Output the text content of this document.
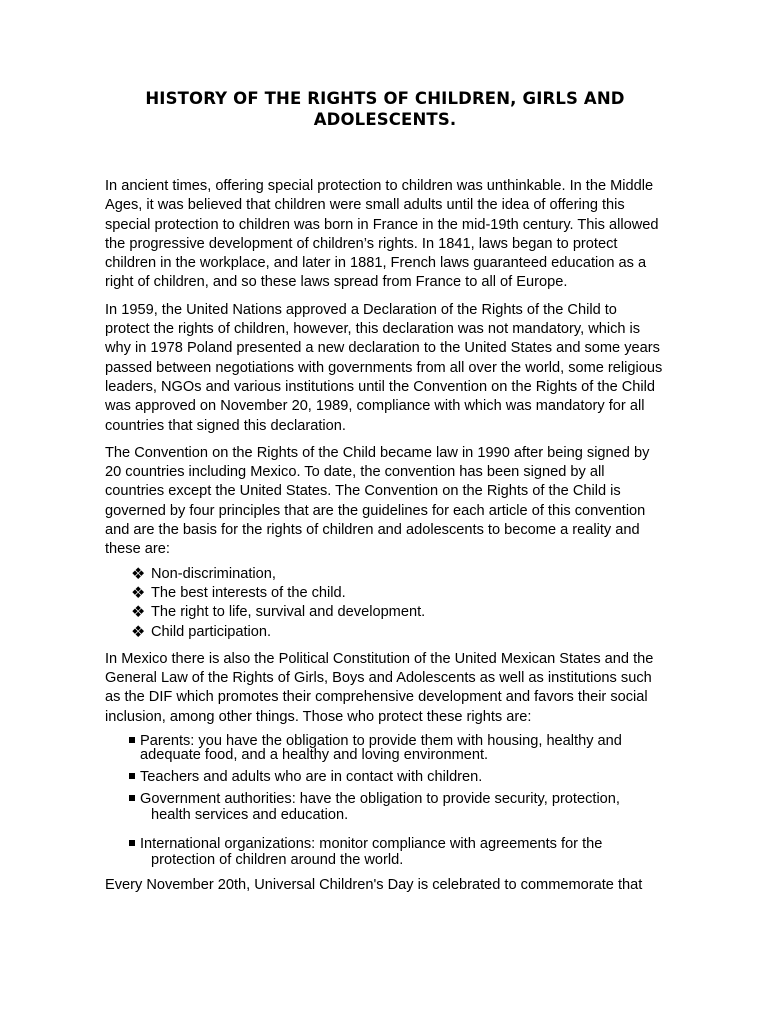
HISTORY OF THE RIGHTS OF CHILDREN, GIRLS AND ADOLESCENTS.

In ancient times, offering special protection to children was unthinkable. In the Middle Ages, it was believed that children were small adults until the idea of offering this special protection to children was born in France in the mid-19th century. This allowed the progressive development of children’s rights. In 1841, laws began to protect children in the workplace, and later in 1881, French laws guaranteed education as a right of children, and so these laws spread from France to all of Europe.

In 1959, the United Nations approved a Declaration of the Rights of the Child to protect the rights of children, however, this declaration was not mandatory, which is why in 1978 Poland presented a new declaration to the United States and some years passed between negotiations with governments from all over the world, some religious leaders, NGOs and various institutions until the Convention on the Rights of the Child was approved on November 20, 1989, compliance with which was mandatory for all countries that signed this declaration.

The Convention on the Rights of the Child became law in 1990 after being signed by 20 countries including Mexico. To date, the convention has been signed by all countries except the United States. The Convention on the Rights of the Child is governed by four principles that are the guidelines for each article of this convention and are the basis for the rights of children and adolescents to become a reality and these are:

❖ Non-discrimination,
❖ The best interests of the child.
❖ The right to life, survival and development.
❖ Child participation.

In Mexico there is also the Political Constitution of the United Mexican States and the General Law of the Rights of Girls, Boys and Adolescents as well as institutions such as the DIF which promotes their comprehensive development and favors their social inclusion, among other things. Those who protect these rights are:

Parents: you have the obligation to provide them with housing, healthy and
adequate food, and a healthy and loving environment.
Teachers and adults who are in contact with children.
Government authorities: have the obligation to provide security, protection,
health services and education.
International organizations: monitor compliance with agreements for the
protection of children around the world.

Every November 20th, Universal Children's Day is celebrated to commemorate that
